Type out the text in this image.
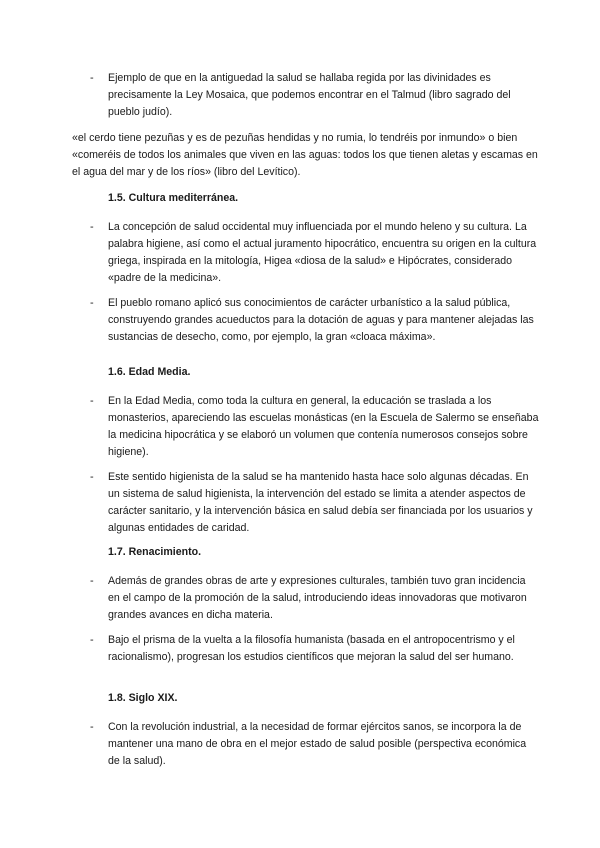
- Ejemplo de que en la antiguedad la salud se hallaba regida por las divinidades es precisamente la Ley Mosaica, que podemos encontrar en el Talmud (libro sagrado del pueblo judío).
«el cerdo tiene pezuñas y es de pezuñas hendidas y no rumia, lo tendréis por inmundo» o bien «comeréis de todos los animales que viven en las aguas: todos los que tienen aletas y escamas en el agua del mar y de los ríos» (libro del Levítico).
1.5. Cultura mediterránea.
- La concepción de salud occidental muy influenciada por el mundo heleno y su cultura. La palabra higiene, así como el actual juramento hipocrático, encuentra su origen en la cultura griega, inspirada en la mitología, Higea «diosa de la salud» e Hipócrates, considerado «padre de la medicina».
- El pueblo romano aplicó sus conocimientos de carácter urbanístico a la salud pública, construyendo grandes acueductos para la dotación de aguas y para mantener alejadas las sustancias de desecho, como, por ejemplo, la gran «cloaca máxima».
1.6. Edad Media.
- En la Edad Media, como toda la cultura en general, la educación se traslada a los monasterios, apareciendo las escuelas monásticas (en la Escuela de Salermo se enseñaba la medicina hipocrática y se elaboró un volumen que contenía numerosos consejos sobre higiene).
- Este sentido higienista de la salud se ha mantenido hasta hace solo algunas décadas. En un sistema de salud higienista, la intervención del estado se limita a atender aspectos de carácter sanitario, y la intervención básica en salud debía ser financiada por los usuarios y algunas entidades de caridad.
1.7. Renacimiento.
- Además de grandes obras de arte y expresiones culturales, también tuvo gran incidencia en el campo de la promoción de la salud, introduciendo ideas innovadoras que motivaron grandes avances en dicha materia.
- Bajo el prisma de la vuelta a la filosofía humanista (basada en el antropocentrismo y el racionalismo), progresan los estudios científicos que mejoran la salud del ser humano.
1.8. Siglo XIX.
- Con la revolución industrial, a la necesidad de formar ejércitos sanos, se incorpora la de mantener una mano de obra en el mejor estado de salud posible (perspectiva económica de la salud).
